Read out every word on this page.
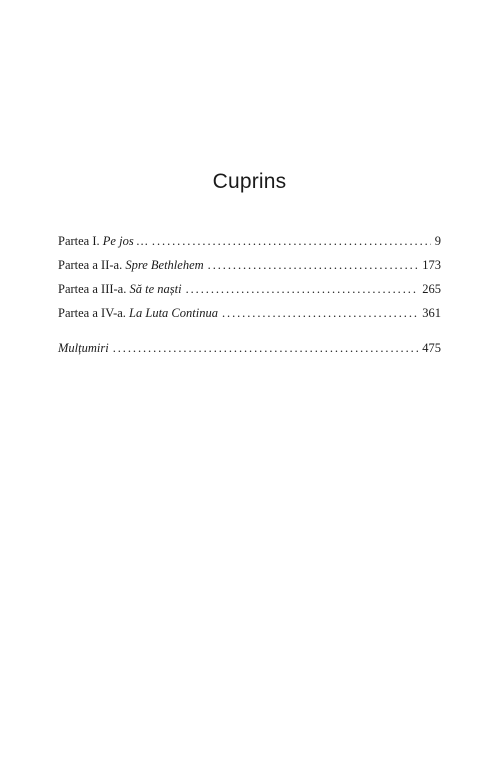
Cuprins
Partea I. Pe jos … . . .	9
Partea a II-a. Spre Bethlehem . . .	173
Partea a III-a. Să te naști . . .	265
Partea a IV-a. La Luta Continua . . .	361
Mulțumiri . . .	475
